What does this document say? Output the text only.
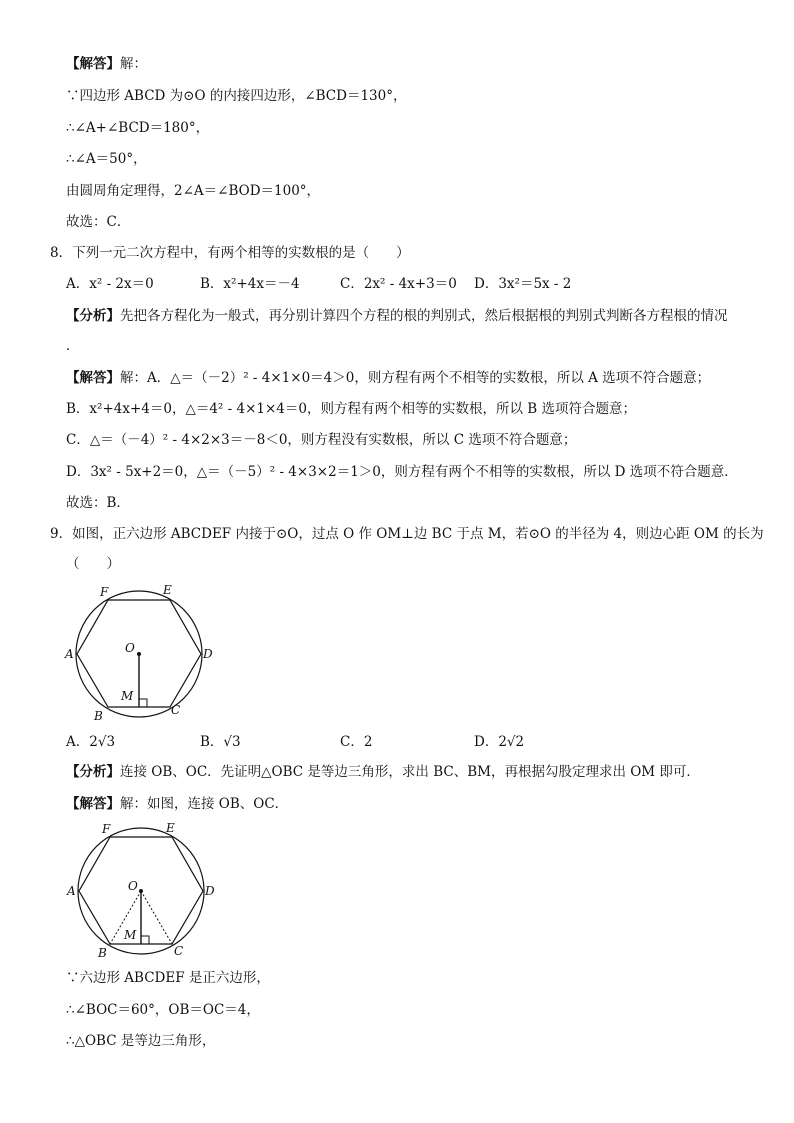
【解答】解：
∵四边形 ABCD 为⊙O 的内接四边形，∠BCD＝130°，
∴∠A+∠BCD＝180°，
∴∠A＝50°，
由圆周角定理得，2∠A＝∠BOD＝100°，
故选：C．
8．下列一元二次方程中，有两个相等的实数根的是（　　）
A．x² - 2x＝0	B．x²+4x＝－4	C．2x² - 4x+3＝0 D．3x²＝5x - 2
【分析】先把各方程化为一般式，再分别计算四个方程的根的判别式，然后根据根的判别式判断各方程根的情况
．
【解答】解：A．△＝（－2）² - 4×1×0＝4＞0，则方程有两个不相等的实数根，所以 A 选项不符合题意；
B．x²+4x+4＝0，△＝4² - 4×1×4＝0，则方程有两个相等的实数根，所以 B 选项符合题意；
C．△＝（－4）² - 4×2×3＝－8＜0，则方程没有实数根，所以 C 选项不符合题意；
D．3x² - 5x+2＝0，△＝（－5）² - 4×3×2＝1＞0，则方程有两个不相等的实数根，所以 D 选项不符合题意．
故选：B．
9．如图，正六边形 ABCDEF 内接于⊙O，过点 O 作 OM⊥边 BC 于点 M，若⊙O 的半径为 4，则边心距 OM 的长为
（　　）
F	E
A	D
O
M
B	C
A．2√3	B．√3	C．2	D．2√2
【分析】连接 OB、OC．先证明△OBC 是等边三角形，求出 BC、BM，再根据勾股定理求出 OM 即可．
【解答】解：如图，连接 OB、OC．
F	E
A	D
O
M
B	C
∵六边形 ABCDEF 是正六边形，
∴∠BOC＝60°，OB＝OC＝4，
∴△OBC 是等边三角形，
